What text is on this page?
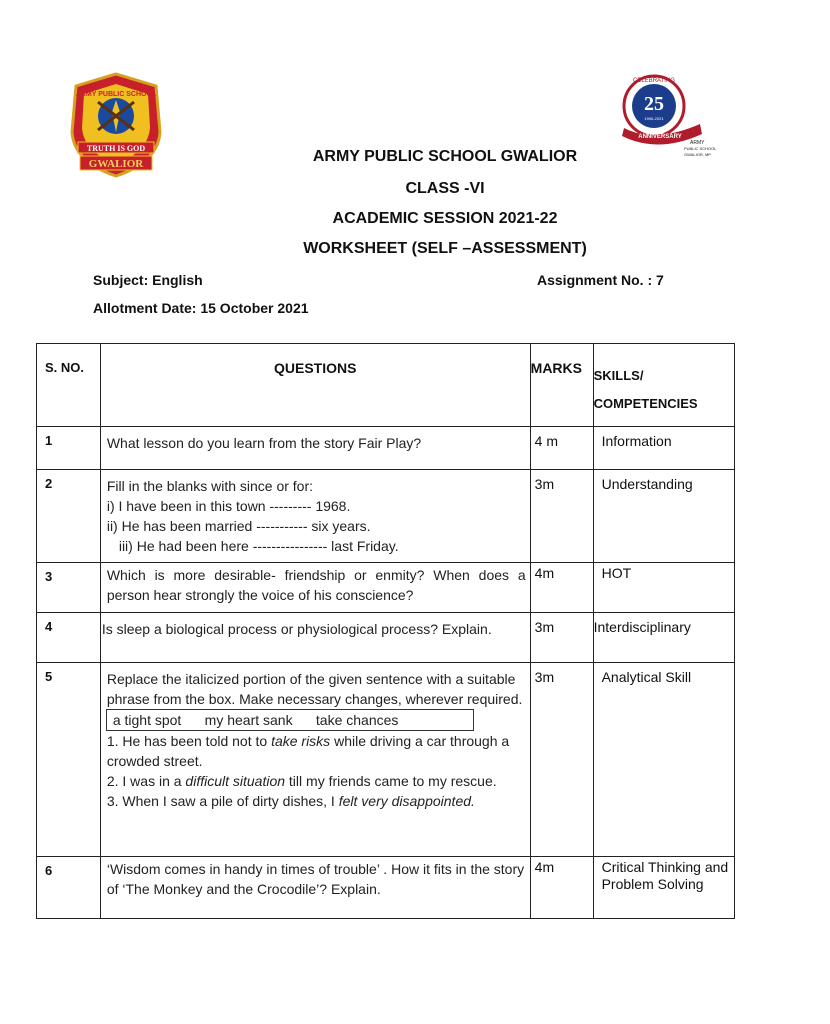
ARMY PUBLIC SCHOOL
TRUTH IS GOD
GWALIOR
CELEBRATING
25
1996-2021
ANNIVERSARY
ARMY
PUBLIC SCHOOL
GWALIOR, MP
ARMY PUBLIC SCHOOL GWALIOR
CLASS -VI
ACADEMIC SESSION 2021-22
WORKSHEET (SELF –ASSESSMENT)
Subject: English	Assignment No. : 7
Allotment Date: 15 October 2021
S. NO.	QUESTIONS	MARKS	SKILLS/
COMPETENCIES

1	What lesson do you learn from the story Fair Play?	4 m	Information
2	Fill in the blanks with since or for:
i) I have been in this town --------- 1968.
ii) He has been married ----------- six years.
iii) He had been here ---------------- last Friday.	3m	Understanding
3	Which is more desirable- friendship or enmity? When does a person hear strongly the voice of his conscience?	4m	HOT
4	Is sleep a biological process or physiological process? Explain.	3m	Interdisciplinary
5	Replace the italicized portion of the given sentence with a suitable phrase from the box. Make necessary changes, wherever required.
a tight spot      my heart sank      take chances
1. He has been told not to take risks while driving a car through a crowded street.
2. I was in a difficult situation till my friends came to my rescue.
3. When I saw a pile of dirty dishes, I felt very disappointed.	3m	Analytical Skill
6	‘Wisdom comes in handy in times of trouble’ . How it fits in the story of ‘The Monkey and the Crocodile’? Explain.	4m	Critical Thinking and Problem Solving
